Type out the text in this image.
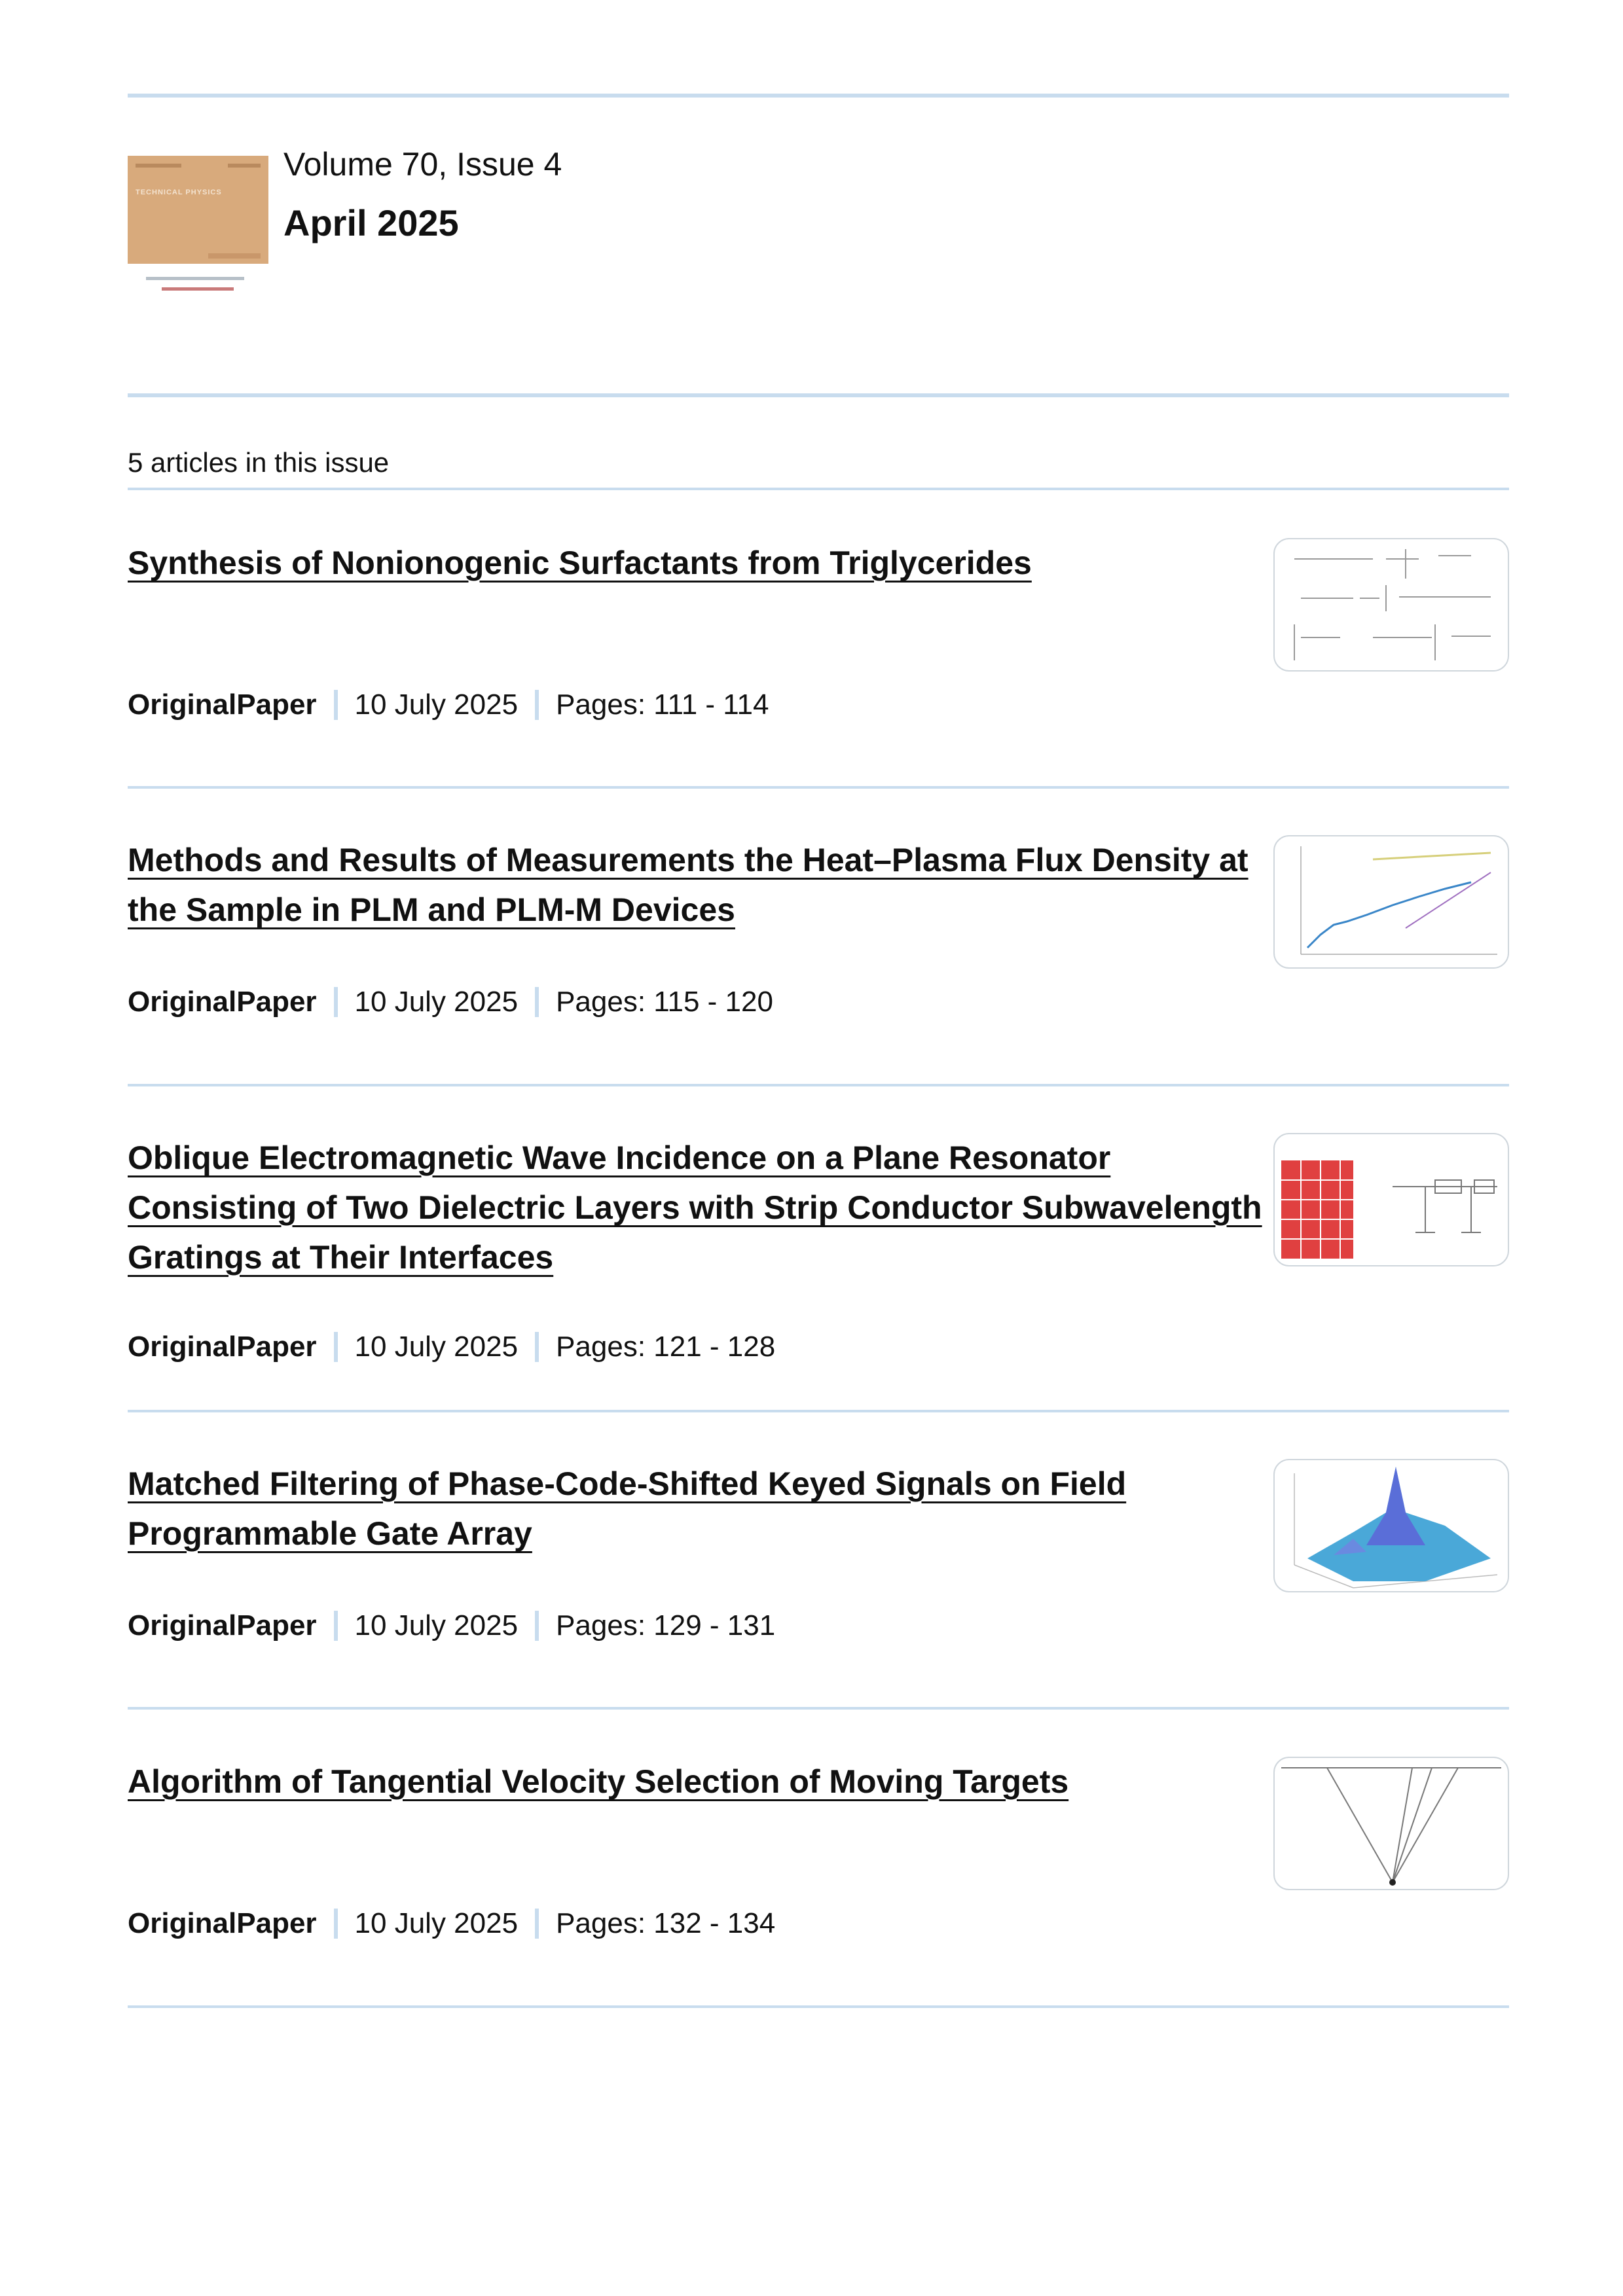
TECHNICAL PHYSICS
Volume 70, Issue 4
April 2025
5 articles in this issue
Synthesis of Nonionogenic Surfactants from Triglycerides
OriginalPaper 10 July 2025 Pages: 111 - 114
Methods and Results of Measurements the Heat–Plasma Flux Density at the Sample in PLM and PLM-M Devices
OriginalPaper 10 July 2025 Pages: 115 - 120
Oblique Electromagnetic Wave Incidence on a Plane Resonator Consisting of Two Dielectric Layers with Strip Conductor Subwavelength Gratings at Their Interfaces
OriginalPaper 10 July 2025 Pages: 121 - 128
Matched Filtering of Phase-Code-Shifted Keyed Signals on Field Programmable Gate Array
OriginalPaper 10 July 2025 Pages: 129 - 131
Algorithm of Tangential Velocity Selection of Moving Targets
OriginalPaper 10 July 2025 Pages: 132 - 134
